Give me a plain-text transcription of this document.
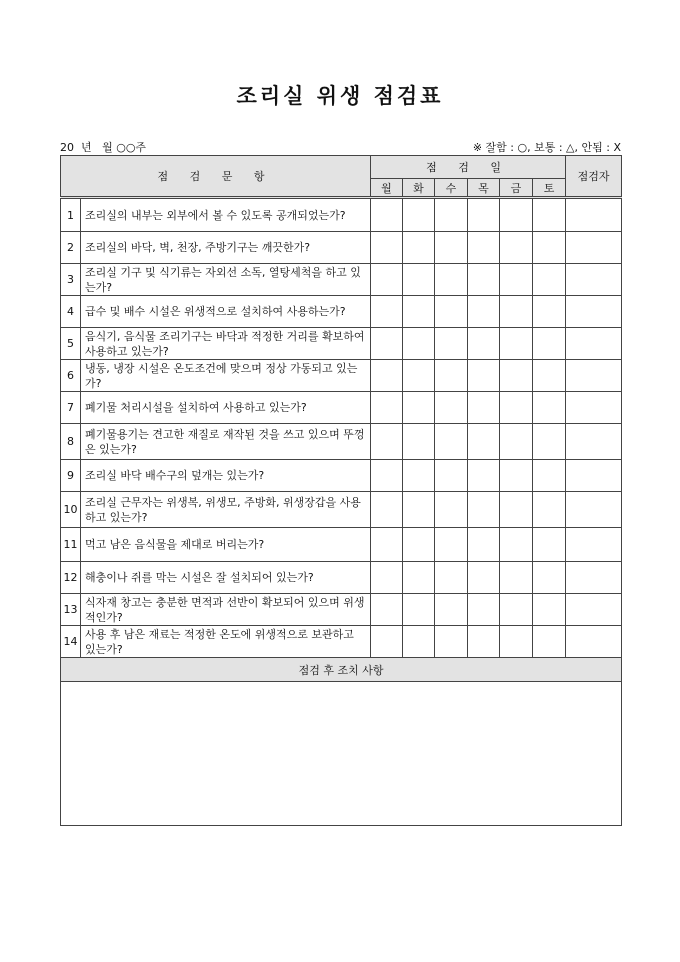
조리실 위생 점검표
20  년   월 ○○주	※ 잘함 : ○, 보통 : △, 안됨 : X
점 검 문 항		점 검 일						점검자
		월	화	수	목	금	토	
1	조리실의 내부는 외부에서 볼 수 있도록 공개되었는가?							
2	조리실의 바닥, 벽, 천장, 주방기구는 깨끗한가?							
3	조리실 기구 및 식기류는 자외선 소독, 열탕세척을 하고 있는가?							
4	급수 및 배수 시설은 위생적으로 설치하여 사용하는가?							
5	음식기, 음식물 조리기구는 바닥과 적정한 거리를 확보하여 사용하고 있는가?							
6	냉동, 냉장 시설은 온도조건에 맞으며 정상 가동되고 있는가?							
7	폐기물 처리시설을 설치하여 사용하고 있는가?							
8	폐기물용기는 견고한 재질로 재작된 것을 쓰고 있으며 뚜껑은 있는가?							
9	조리실 바닥 배수구의 덮개는 있는가?							
10	조리실 근무자는 위생복, 위생모, 주방화, 위생장갑을 사용하고 있는가?							
11	먹고 남은 음식물을 제대로 버리는가?							
12	해충이나 쥐를 막는 시설은 잘 설치되어 있는가?							
13	식자재 창고는 충분한 면적과 선반이 확보되어 있으며 위생적인가?							
14	사용 후 남은 재료는 적정한 온도에 위생적으로 보관하고 있는가?							
점검 후 조치 사항								
